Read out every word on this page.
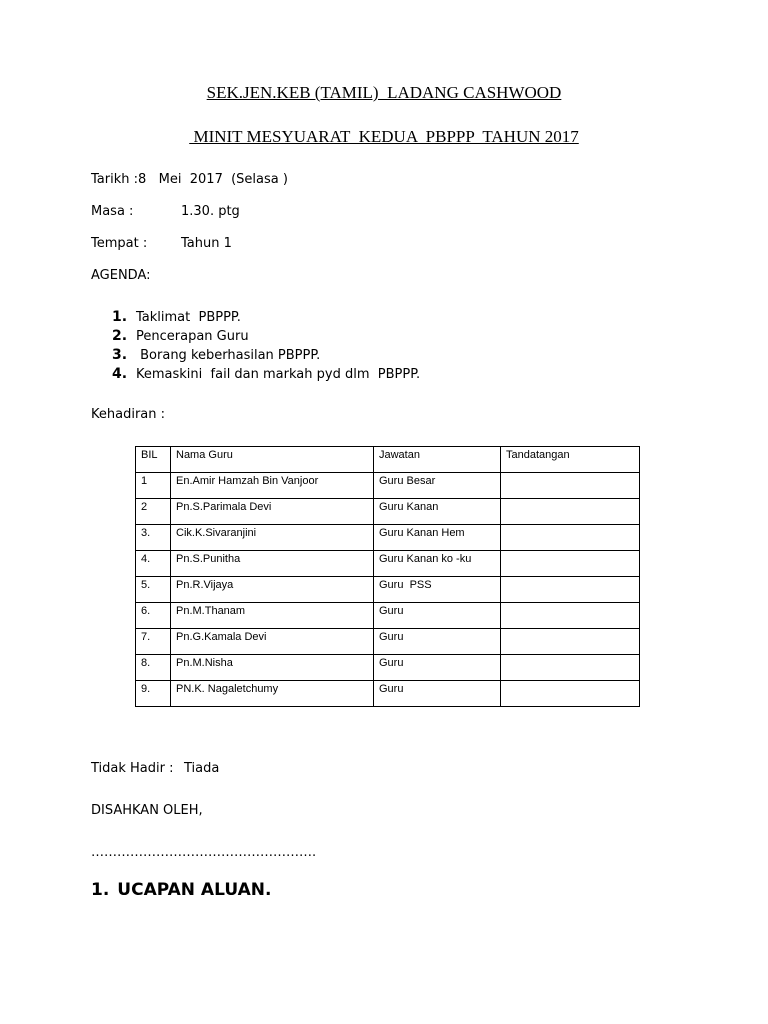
SEK.JEN.KEB (TAMIL)  LADANG CASHWOOD
MINIT MESYUARAT  KEDUA  PBPPP  TAHUN 2017
Tarikh :8   Mei  2017  (Selasa )
Masa :	1.30. ptg
Tempat :	Tahun 1
AGENDA:
1. Taklimat  PBPPP.
2. Pencerapan Guru
3. Borang keberhasilan PBPPP.
4. Kemaskini  fail dan markah pyd dlm  PBPPP.
Kehadiran :
BIL	Nama Guru	Jawatan	Tandatangan
1	En.Amir Hamzah Bin Vanjoor	Guru Besar	
2	Pn.S.Parimala Devi	Guru Kanan	
3.	Cik.K.Sivaranjini	Guru Kanan Hem	
4.	Pn.S.Punitha	Guru Kanan ko -ku	
5.	Pn.R.Vijaya	Guru  PSS	
6.	Pn.M.Thanam	Guru	
7.	Pn.G.Kamala Devi	Guru	
8.	Pn.M.Nisha	Guru	
9.	PN.K. Nagaletchumy	Guru	
Tidak Hadir : Tiada
DISAHKAN OLEH,
…………………………………………….
1. UCAPAN ALUAN.
